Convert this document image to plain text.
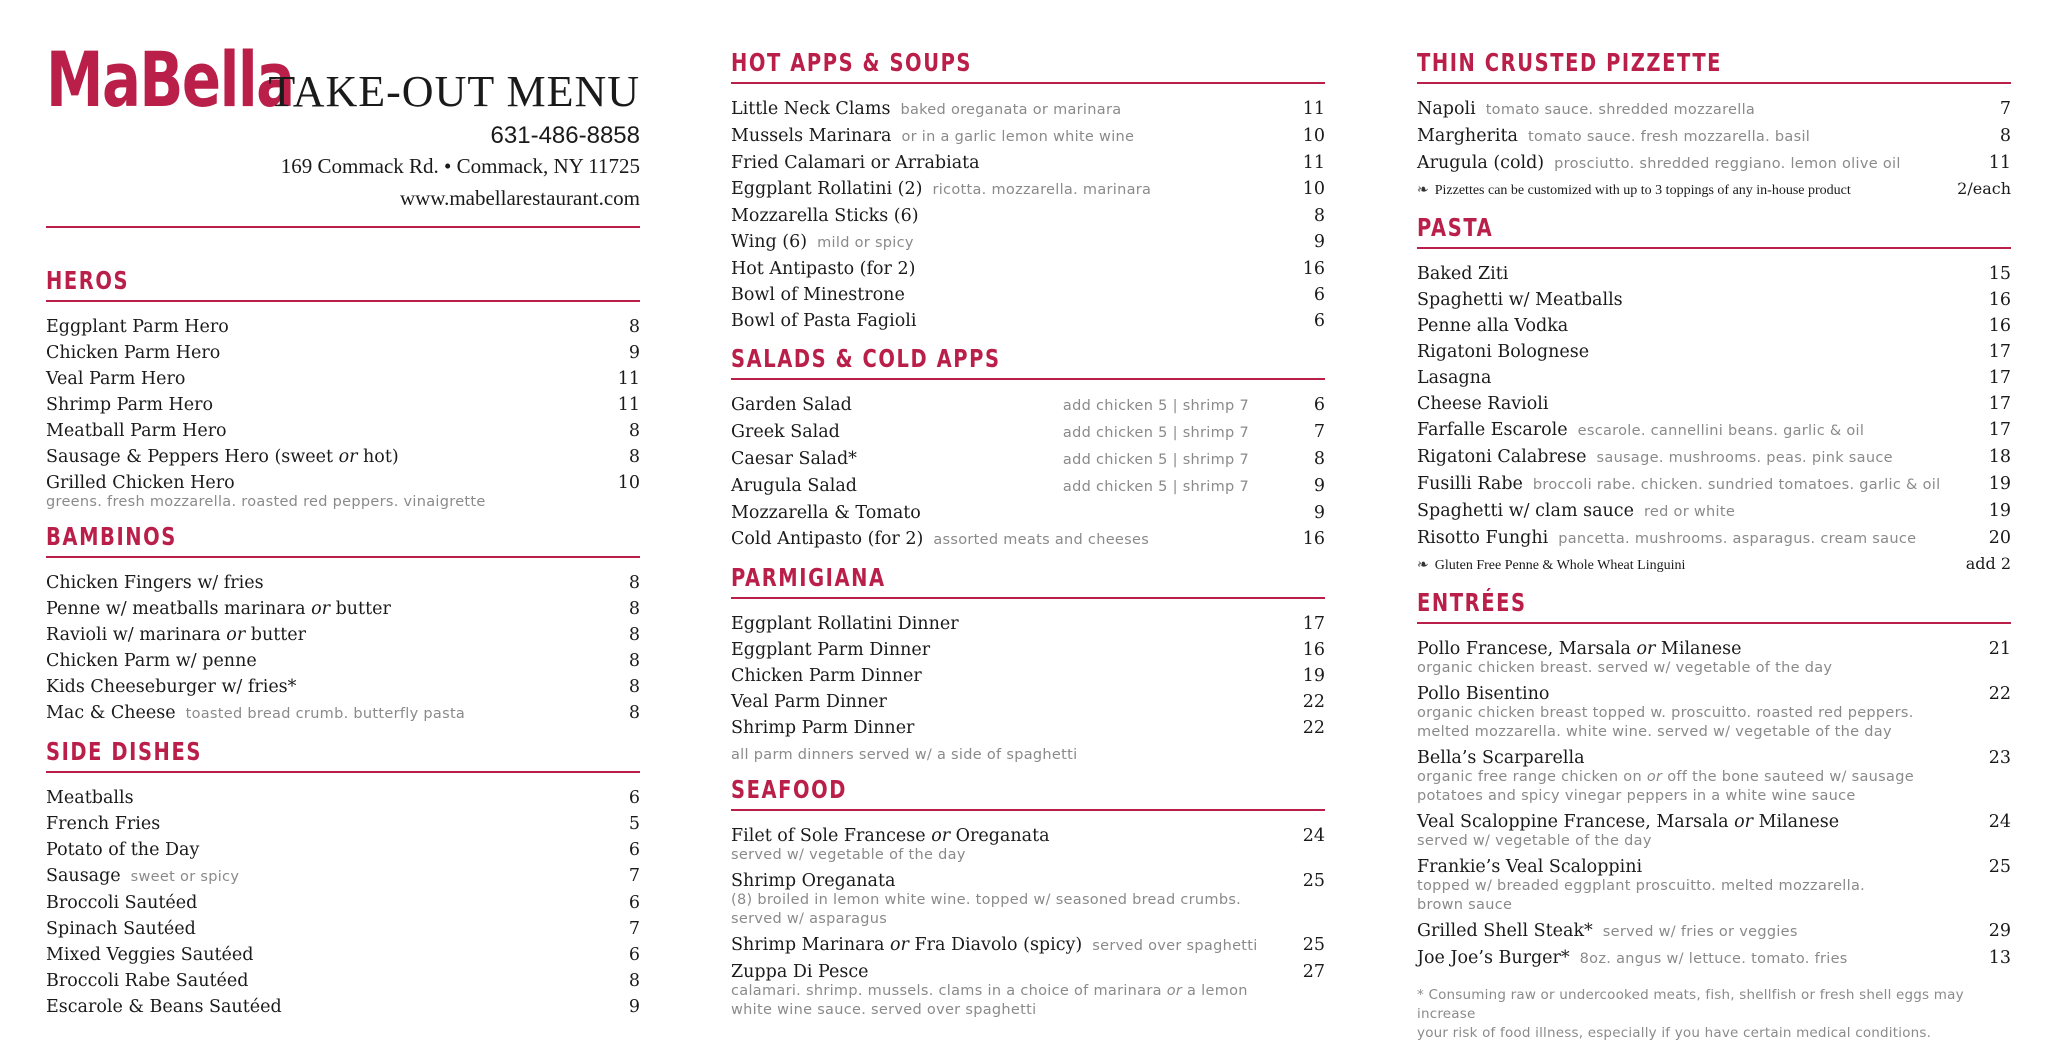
MaBella
TAKE-OUT MENU
631-486-8858
169 Commack Rd. • Commack, NY 11725
www.mabellarestaurant.com
HEROS
Eggplant Parm Hero	8
Chicken Parm Hero	9
Veal Parm Hero	11
Shrimp Parm Hero	11
Meatball Parm Hero	8
Sausage & Peppers Hero (sweet or hot)	8
Grilled Chicken Hero	10
greens. fresh mozzarella. roasted red peppers. vinaigrette
BAMBINOS
Chicken Fingers w/ fries	8
Penne w/ meatballs marinara or butter	8
Ravioli w/ marinara or butter	8
Chicken Parm w/ penne	8
Kids Cheeseburger w/ fries*	8
Mac & Cheese toasted bread crumb. butterfly pasta	8
SIDE DISHES
Meatballs	6
French Fries	5
Potato of the Day	6
Sausage sweet or spicy	7
Broccoli Sautéed	6
Spinach Sautéed	7
Mixed Veggies Sautéed	6
Broccoli Rabe Sautéed	8
Escarole & Beans Sautéed	9
HOT APPS & SOUPS
Little Neck Clams baked oreganata or marinara	11
Mussels Marinara or in a garlic lemon white wine	10
Fried Calamari or Arrabiata	11
Eggplant Rollatini (2) ricotta. mozzarella. marinara	10
Mozzarella Sticks (6)	8
Wing (6) mild or spicy	9
Hot Antipasto (for 2)	16
Bowl of Minestrone	6
Bowl of Pasta Fagioli	6
SALADS & COLD APPS
Garden Salad	add chicken 5 | shrimp 7	6
Greek Salad	add chicken 5 | shrimp 7	7
Caesar Salad*	add chicken 5 | shrimp 7	8
Arugula Salad	add chicken 5 | shrimp 7	9
Mozzarella & Tomato	9
Cold Antipasto (for 2) assorted meats and cheeses	16
PARMIGIANA
Eggplant Rollatini Dinner	17
Eggplant Parm Dinner	16
Chicken Parm Dinner	19
Veal Parm Dinner	22
Shrimp Parm Dinner	22
all parm dinners served w/ a side of spaghetti
SEAFOOD
Filet of Sole Francese or Oreganata	24
served w/ vegetable of the day
Shrimp Oreganata	25
(8) broiled in lemon white wine. topped w/ seasoned bread crumbs.
served w/ asparagus
Shrimp Marinara or Fra Diavolo (spicy) served over spaghetti	25
Zuppa Di Pesce	27
calamari. shrimp. mussels. clams in a choice of marinara or a lemon
white wine sauce. served over spaghetti
THIN CRUSTED PIZZETTE
Napoli tomato sauce. shredded mozzarella	7
Margherita tomato sauce. fresh mozzarella. basil	8
Arugula (cold) prosciutto. shredded reggiano. lemon olive oil	11
❧ Pizzettes can be customized with up to 3 toppings of any in-house product	2/each
PASTA
Baked Ziti	15
Spaghetti w/ Meatballs	16
Penne alla Vodka	16
Rigatoni Bolognese	17
Lasagna	17
Cheese Ravioli	17
Farfalle Escarole escarole. cannellini beans. garlic & oil	17
Rigatoni Calabrese sausage. mushrooms. peas. pink sauce	18
Fusilli Rabe broccoli rabe. chicken. sundried tomatoes. garlic & oil	19
Spaghetti w/ clam sauce red or white	19
Risotto Funghi pancetta. mushrooms. asparagus. cream sauce	20
❧ Gluten Free Penne & Whole Wheat Linguini	add 2
ENTRÉES
Pollo Francese, Marsala or Milanese	21
organic chicken breast. served w/ vegetable of the day
Pollo Bisentino	22
organic chicken breast topped w. proscuitto. roasted red peppers.
melted mozzarella. white wine. served w/ vegetable of the day
Bella’s Scarparella	23
organic free range chicken on or off the bone sauteed w/ sausage
potatoes and spicy vinegar peppers in a white wine sauce
Veal Scaloppine Francese, Marsala or Milanese	24
served w/ vegetable of the day
Frankie’s Veal Scaloppini	25
topped w/ breaded eggplant proscuitto. melted mozzarella.
brown sauce
Grilled Shell Steak* served w/ fries or veggies	29
Joe Joe’s Burger* 8oz. angus w/ lettuce. tomato. fries	13
* Consuming raw or undercooked meats, fish, shellfish or fresh shell eggs may increase
your risk of food illness, especially if you have certain medical conditions.
